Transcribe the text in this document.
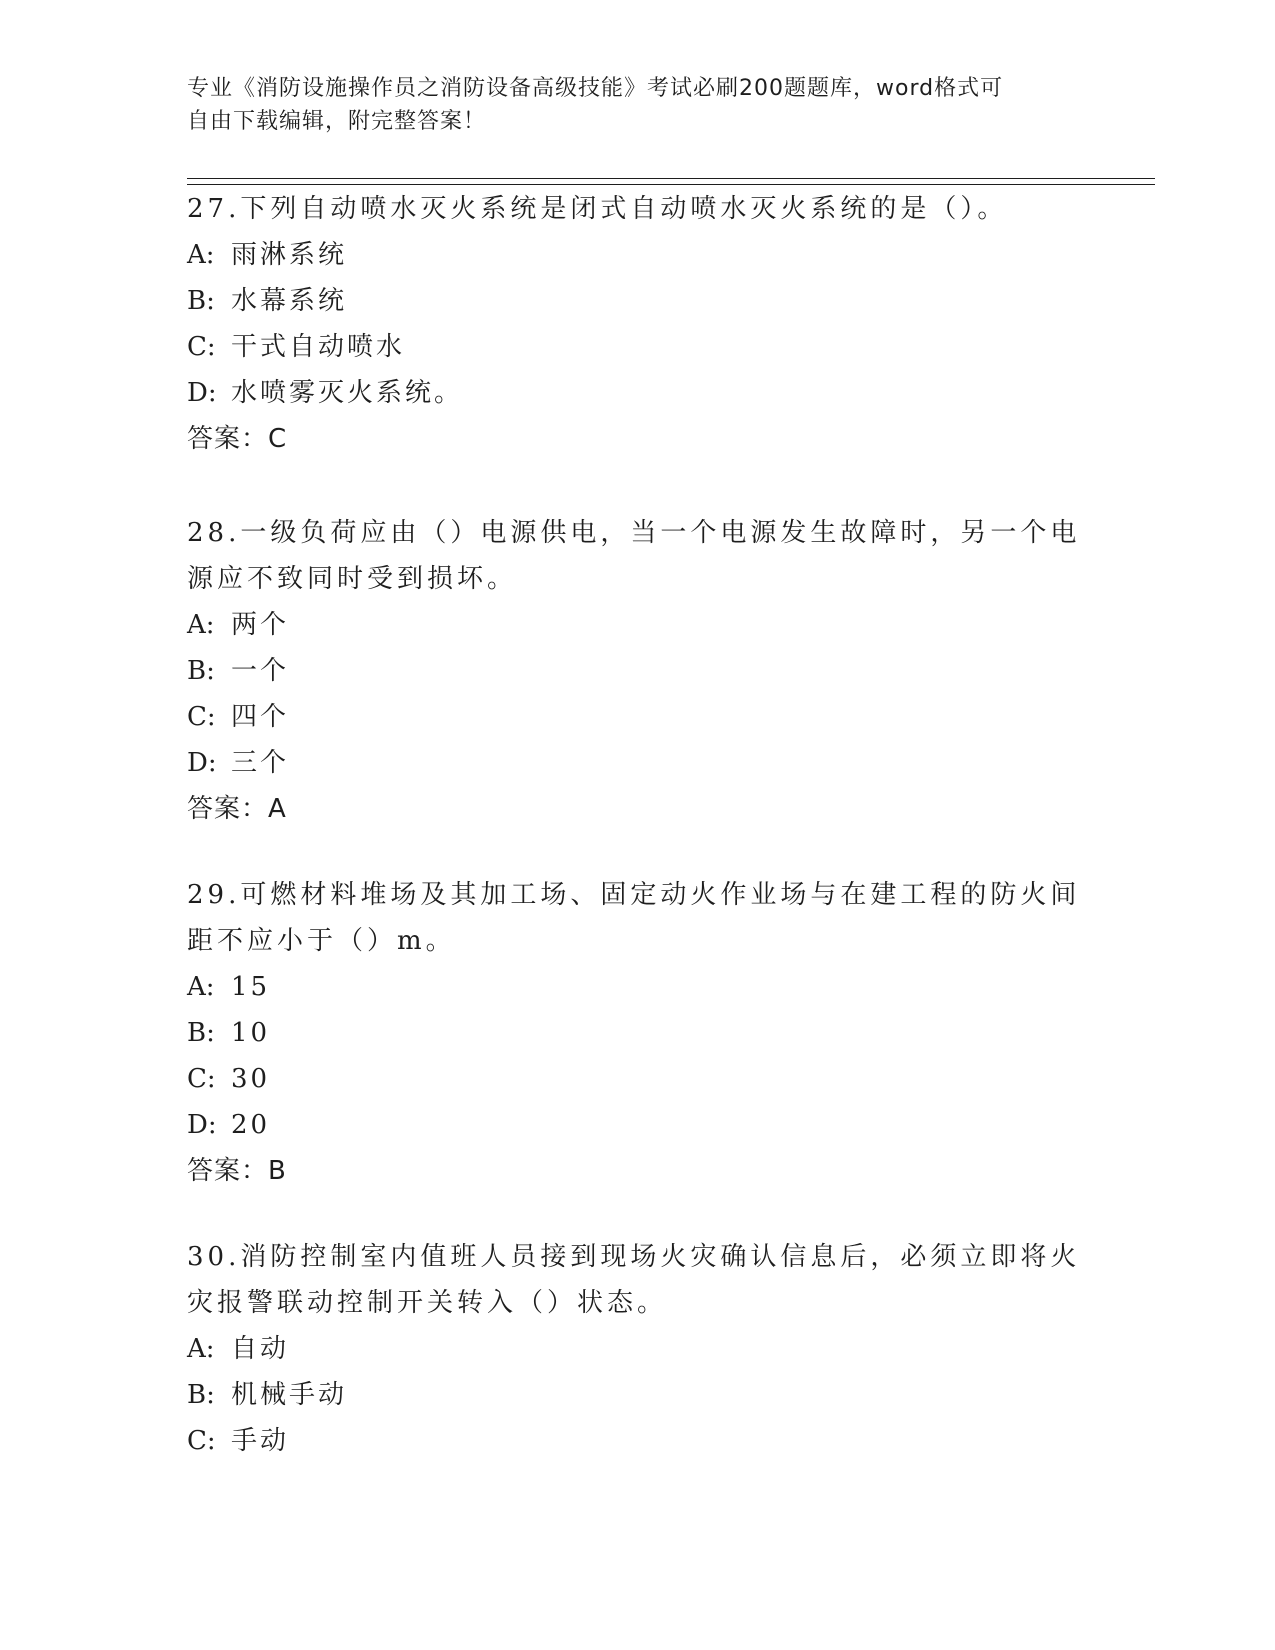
专业《消防设施操作员之消防设备高级技能》考试必刷200题题库，word格式可
自由下载编辑，附完整答案！

27.下列自动喷水灭火系统是闭式自动喷水灭火系统的是（）。

A: 雨淋系统

B: 水幕系统

C: 干式自动喷水

D: 水喷雾灭火系统。

答案：C

28.一级负荷应由（）电源供电，当一个电源发生故障时，另一个电源应不致同时受到损坏。

A: 两个

B: 一个

C: 四个

D: 三个

答案：A

29.可燃材料堆场及其加工场、固定动火作业场与在建工程的防火间距不应小于（）m。

A: 15

B: 10

C: 30

D: 20

答案：B

30.消防控制室内值班人员接到现场火灾确认信息后，必须立即将火灾报警联动控制开关转入（）状态。

A: 自动

B: 机械手动

C: 手动
